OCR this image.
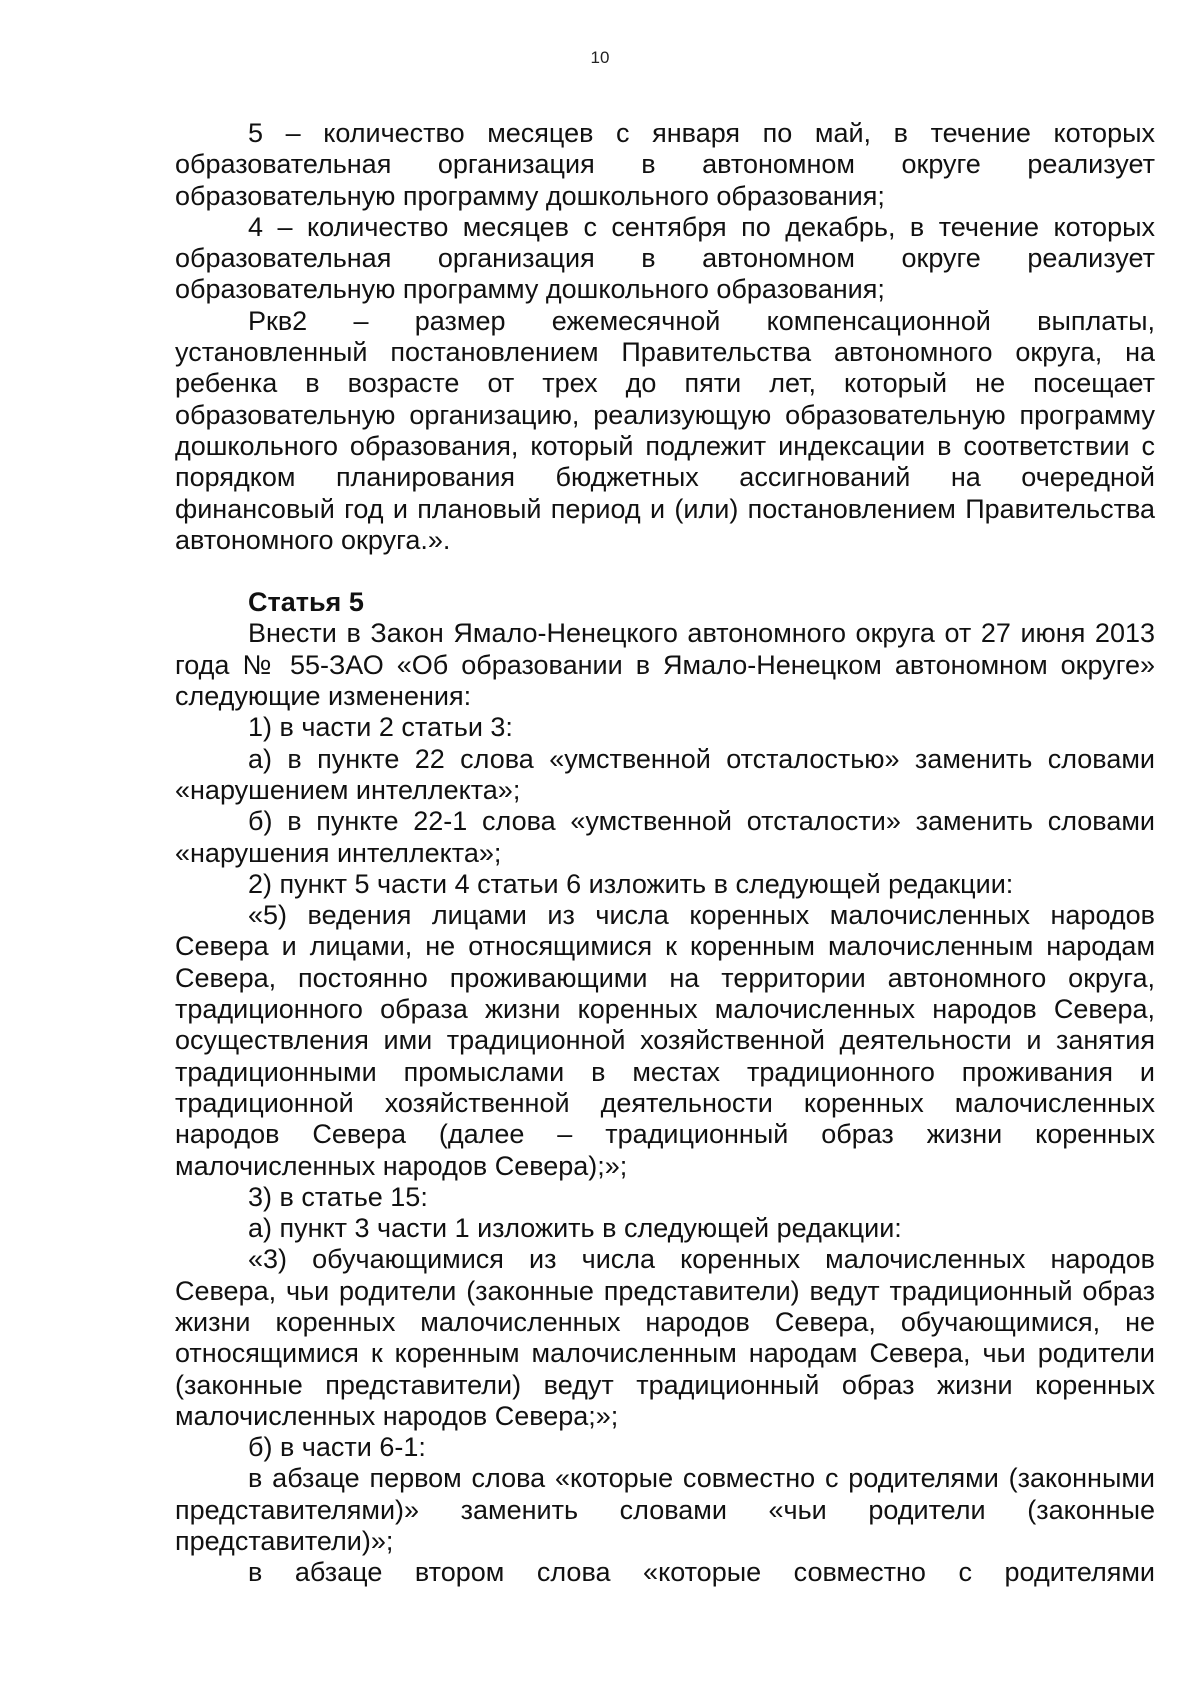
10

5 – количество месяцев с января по май, в течение которых образовательная организация в автономном округе реализует образовательную программу дошкольного образования;

4 – количество месяцев с сентября по декабрь, в течение которых образовательная организация в автономном округе реализует образовательную программу дошкольного образования;

Ркв2 – размер ежемесячной компенсационной выплаты, установленный постановлением Правительства автономного округа, на ребенка в возрасте от трех до пяти лет, который не посещает образовательную организацию, реализующую образовательную программу дошкольного образования, который подлежит индексации в соответствии с порядком планирования бюджетных ассигнований на очередной финансовый год и плановый период и (или) постановлением Правительства автономного округа.».

Статья 5

Внести в Закон Ямало-Ненецкого автономного округа от 27 июня 2013 года № 55-ЗАО «Об образовании в Ямало-Ненецком автономном округе» следующие изменения:

1) в части 2 статьи 3:

а) в пункте 22 слова «умственной отсталостью» заменить словами «нарушением интеллекта»;

б) в пункте 22-1 слова «умственной отсталости» заменить словами «нарушения интеллекта»;

2) пункт 5 части 4 статьи 6 изложить в следующей редакции:

«5) ведения лицами из числа коренных малочисленных народов Севера и лицами, не относящимися к коренным малочисленным народам Севера, постоянно проживающими на территории автономного округа, традиционного образа жизни коренных малочисленных народов Севера, осуществления ими традиционной хозяйственной деятельности и занятия традиционными промыслами в местах традиционного проживания и традиционной хозяйственной деятельности коренных малочисленных народов Севера (далее – традиционный образ жизни коренных малочисленных народов Севера);»;

3) в статье 15:

а) пункт 3 части 1 изложить в следующей редакции:

«3) обучающимися из числа коренных малочисленных народов Севера, чьи родители (законные представители) ведут традиционный образ жизни коренных малочисленных народов Севера, обучающимися, не относящимися к коренным малочисленным народам Севера, чьи родители (законные представители) ведут традиционный образ жизни коренных малочисленных народов Севера;»;

б) в части 6-1:

в абзаце первом слова «которые совместно с родителями (законными представителями)» заменить словами «чьи родители (законные представители)»;

в абзаце втором слова «которые совместно с родителями
